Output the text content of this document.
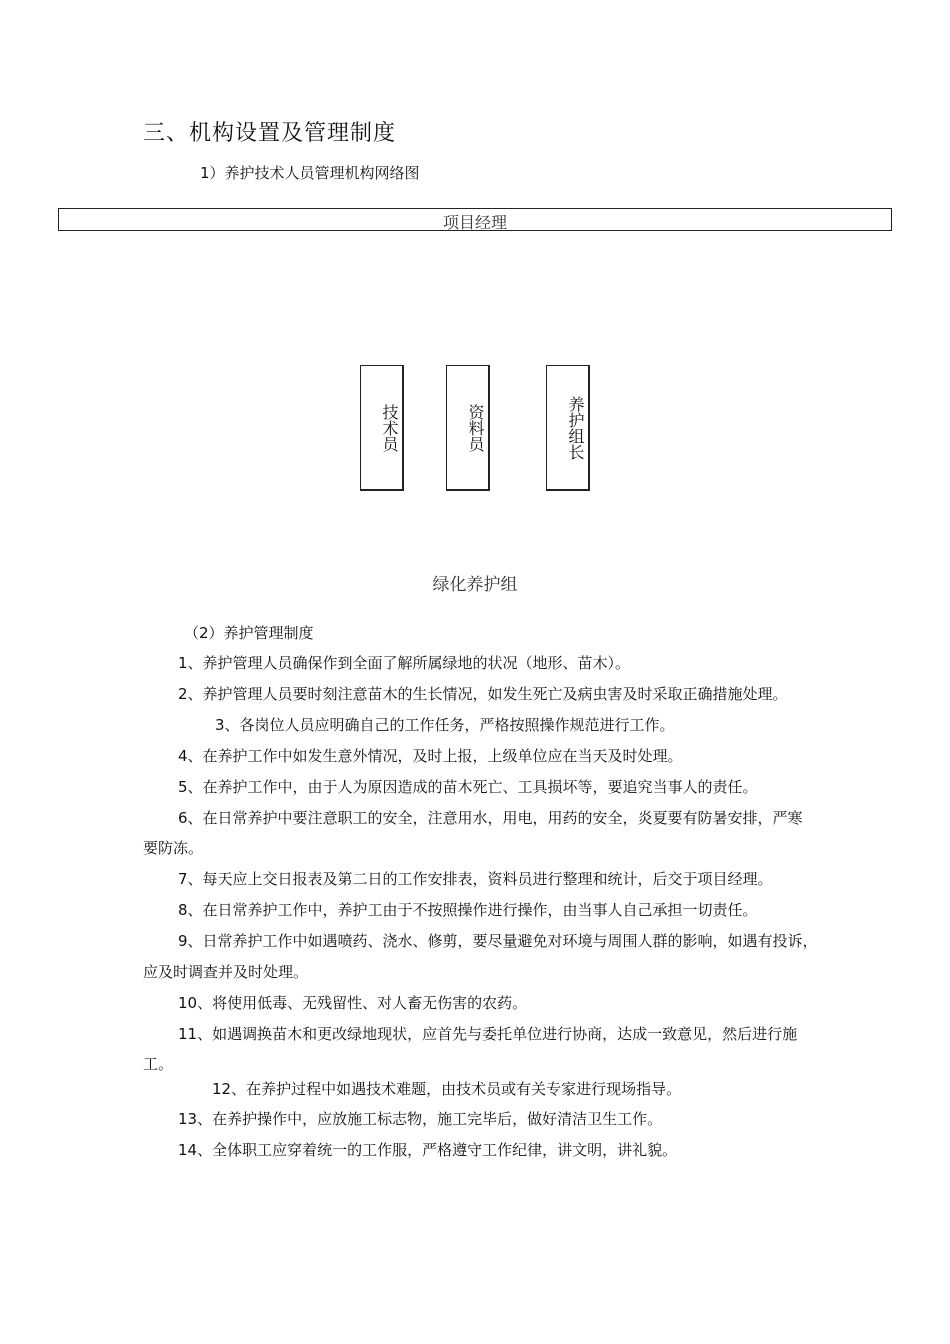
三、机构设置及管理制度
1）养护技术人员管理机构网络图
项目经理
技术员	资料员	养护组长
绿化养护组
（2）养护管理制度
1、养护管理人员确保作到全面了解所属绿地的状况（地形、苗木）。
2、养护管理人员要时刻注意苗木的生长情况，如发生死亡及病虫害及时采取正确措施处理。
3、各岗位人员应明确自己的工作任务，严格按照操作规范进行工作。
4、在养护工作中如发生意外情况，及时上报，上级单位应在当天及时处理。
5、在养护工作中，由于人为原因造成的苗木死亡、工具损坏等，要追究当事人的责任。
6、在日常养护中要注意职工的安全，注意用水，用电，用药的安全，炎夏要有防暑安排，严寒
要防冻。
7、每天应上交日报表及第二日的工作安排表，资料员进行整理和统计，后交于项目经理。
8、在日常养护工作中，养护工由于不按照操作进行操作，由当事人自己承担一切责任。
9、日常养护工作中如遇喷药、浇水、修剪，要尽量避免对环境与周围人群的影响，如遇有投诉，
应及时调查并及时处理。
10、将使用低毒、无残留性、对人畜无伤害的农药。
11、如遇调换苗木和更改绿地现状，应首先与委托单位进行协商，达成一致意见，然后进行施
工。
12、在养护过程中如遇技术难题，由技术员或有关专家进行现场指导。
13、在养护操作中，应放施工标志物，施工完毕后，做好清洁卫生工作。
14、全体职工应穿着统一的工作服，严格遵守工作纪律，讲文明，讲礼貌。
